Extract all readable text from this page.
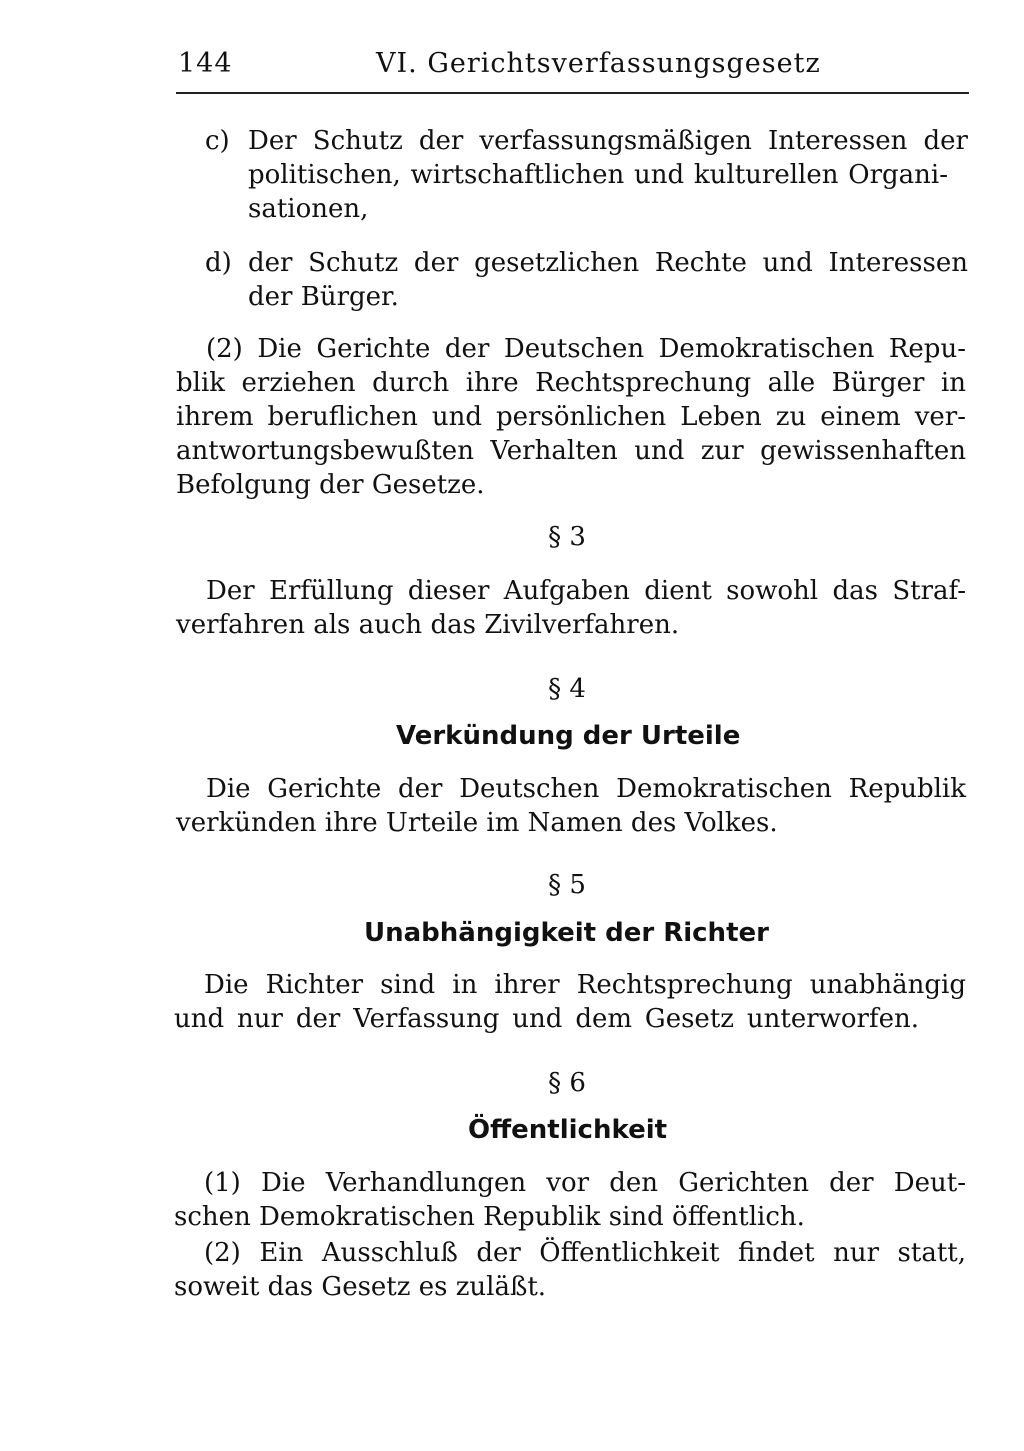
144	VI. Gerichtsverfassungsgesetz
c) Der Schutz der verfassungsmäßigen Interessen der
politischen, wirtschaftlichen und kulturellen Organi-
sationen,
d) der Schutz der gesetzlichen Rechte und Interessen
der Bürger.
(2) Die Gerichte der Deutschen Demokratischen Repu-
blik erziehen durch ihre Rechtsprechung alle Bürger in
ihrem beruflichen und persönlichen Leben zu einem ver-
antwortungsbewußten Verhalten und zur gewissenhaften
Befolgung der Gesetze.
§ 3
Der Erfüllung dieser Aufgaben dient sowohl das Straf-
verfahren als auch das Zivilverfahren.
§ 4
Verkündung der Urteile
Die Gerichte der Deutschen Demokratischen Republik
verkünden ihre Urteile im Namen des Volkes.
§ 5
Unabhängigkeit der Richter
Die Richter sind in ihrer Rechtsprechung unabhängig
und nur der Verfassung und dem Gesetz unterworfen.
§ 6
Öffentlichkeit
(1) Die Verhandlungen vor den Gerichten der Deut-
schen Demokratischen Republik sind öffentlich.
(2) Ein Ausschluß der Öffentlichkeit findet nur statt,
soweit das Gesetz es zuläßt.
